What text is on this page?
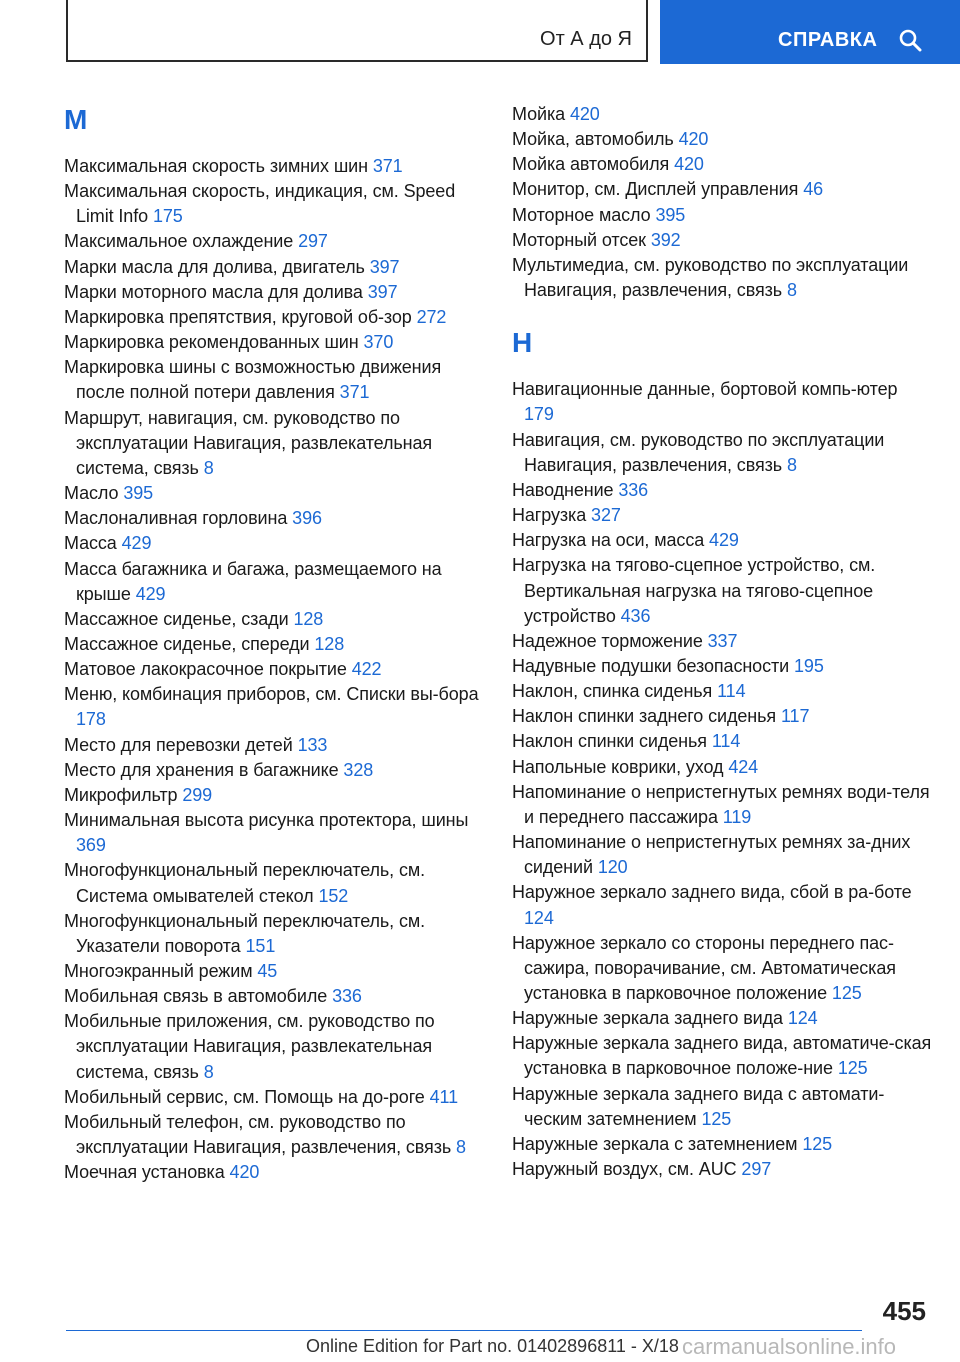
От А до Я	СПРАВКА
M
Максимальная скорость зимних шин 371
Максимальная скорость, индикация, см. Speed Limit Info 175
Максимальное охлаждение 297
Марки масла для долива, двигатель 397
Марки моторного масла для долива 397
Маркировка препятствия, круговой об-зор 272
Маркировка рекомендованных шин 370
Маркировка шины с возможностью движения после полной потери давления 371
Маршрут, навигация, см. руководство по эксплуатации Навигация, развлекательная система, связь 8
Масло 395
Маслоналивная горловина 396
Масса 429
Масса багажника и багажа, размещаемого на крыше 429
Массажное сиденье, сзади 128
Массажное сиденье, спереди 128
Матовое лакокрасочное покрытие 422
Меню, комбинация приборов, см. Списки вы-бора 178
Место для перевозки детей 133
Место для хранения в багажнике 328
Микрофильтр 299
Минимальная высота рисунка протектора, шины 369
Многофункциональный переключатель, см. Система омывателей стекол 152
Многофункциональный переключатель, см. Указатели поворота 151
Многоэкранный режим 45
Мобильная связь в автомобиле 336
Мобильные приложения, см. руководство по эксплуатации Навигация, развлекательная система, связь 8
Мобильный сервис, см. Помощь на до-роге 411
Мобильный телефон, см. руководство по эксплуатации Навигация, развлечения, связь 8
Моечная установка 420
Мойка 420
Мойка, автомобиль 420
Мойка автомобиля 420
Монитор, см. Дисплей управления 46
Моторное масло 395
Моторный отсек 392
Мультимедиа, см. руководство по эксплуатации Навигация, развлечения, связь 8
H
Навигационные данные, бортовой компь-ютер 179
Навигация, см. руководство по эксплуатации Навигация, развлечения, связь 8
Наводнение 336
Нагрузка 327
Нагрузка на оси, масса 429
Нагрузка на тягово-сцепное устройство, см. Вертикальная нагрузка на тягово-сцепное устройство 436
Надежное торможение 337
Надувные подушки безопасности 195
Наклон, спинка сиденья 114
Наклон спинки заднего сиденья 117
Наклон спинки сиденья 114
Напольные коврики, уход 424
Напоминание о непристегнутых ремнях води-теля и переднего пассажира 119
Напоминание о непристегнутых ремнях за-дних сидений 120
Наружное зеркало заднего вида, сбой в ра-боте 124
Наружное зеркало со стороны переднего пас-сажира, поворачивание, см. Автоматическая установка в парковочное положение 125
Наружные зеркала заднего вида 124
Наружные зеркала заднего вида, автоматиче-ская установка в парковочное положе-ние 125
Наружные зеркала заднего вида с автомати-ческим затемнением 125
Наружные зеркала с затемнением 125
Наружный воздух, см. AUC 297
455
Online Edition for Part no. 01402896811 - X/18 carmanualsonline.info
